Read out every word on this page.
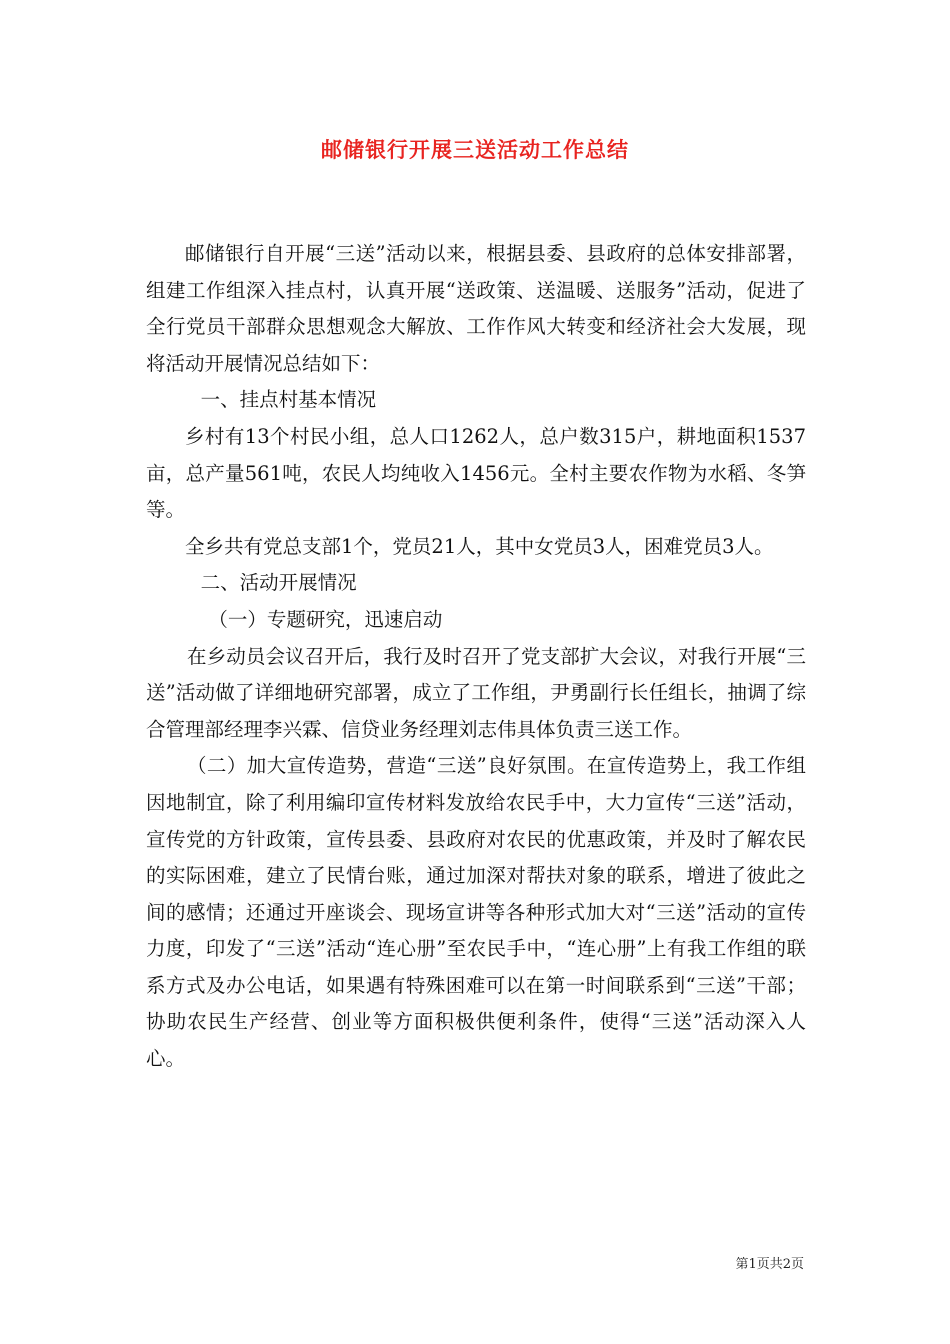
邮储银行开展三送活动工作总结

邮储银行自开展“三送”活动以来，根据县委、县政府的总体安排部署，组建工作组深入挂点村，认真开展“送政策、送温暖、送服务”活动，促进了全行党员干部群众思想观念大解放、工作作风大转变和经济社会大发展，现将活动开展情况总结如下：

一、挂点村基本情况

乡村有13个村民小组，总人口1262人，总户数315户，耕地面积1537亩，总产量561吨，农民人均纯收入1456元。全村主要农作物为水稻、冬笋等。

全乡共有党总支部1个，党员21人，其中女党员3人，困难党员3人。

二、活动开展情况

（一）专题研究，迅速启动

在乡动员会议召开后，我行及时召开了党支部扩大会议，对我行开展“三送”活动做了详细地研究部署，成立了工作组，尹勇副行长任组长，抽调了综合管理部经理李兴霖、信贷业务经理刘志伟具体负责三送工作。

（二）加大宣传造势，营造“三送”良好氛围。在宣传造势上，我工作组因地制宜，除了利用编印宣传材料发放给农民手中，大力宣传“三送”活动，宣传党的方针政策，宣传县委、县政府对农民的优惠政策，并及时了解农民的实际困难，建立了民情台账，通过加深对帮扶对象的联系，增进了彼此之间的感情；还通过开座谈会、现场宣讲等各种形式加大对“三送”活动的宣传力度，印发了“三送”活动“连心册”至农民手中，“连心册”上有我工作组的联系方式及办公电话，如果遇有特殊困难可以在第一时间联系到“三送”干部；协助农民生产经营、创业等方面积极供便利条件，使得“三送”活动深入人心。

第1页共2页
